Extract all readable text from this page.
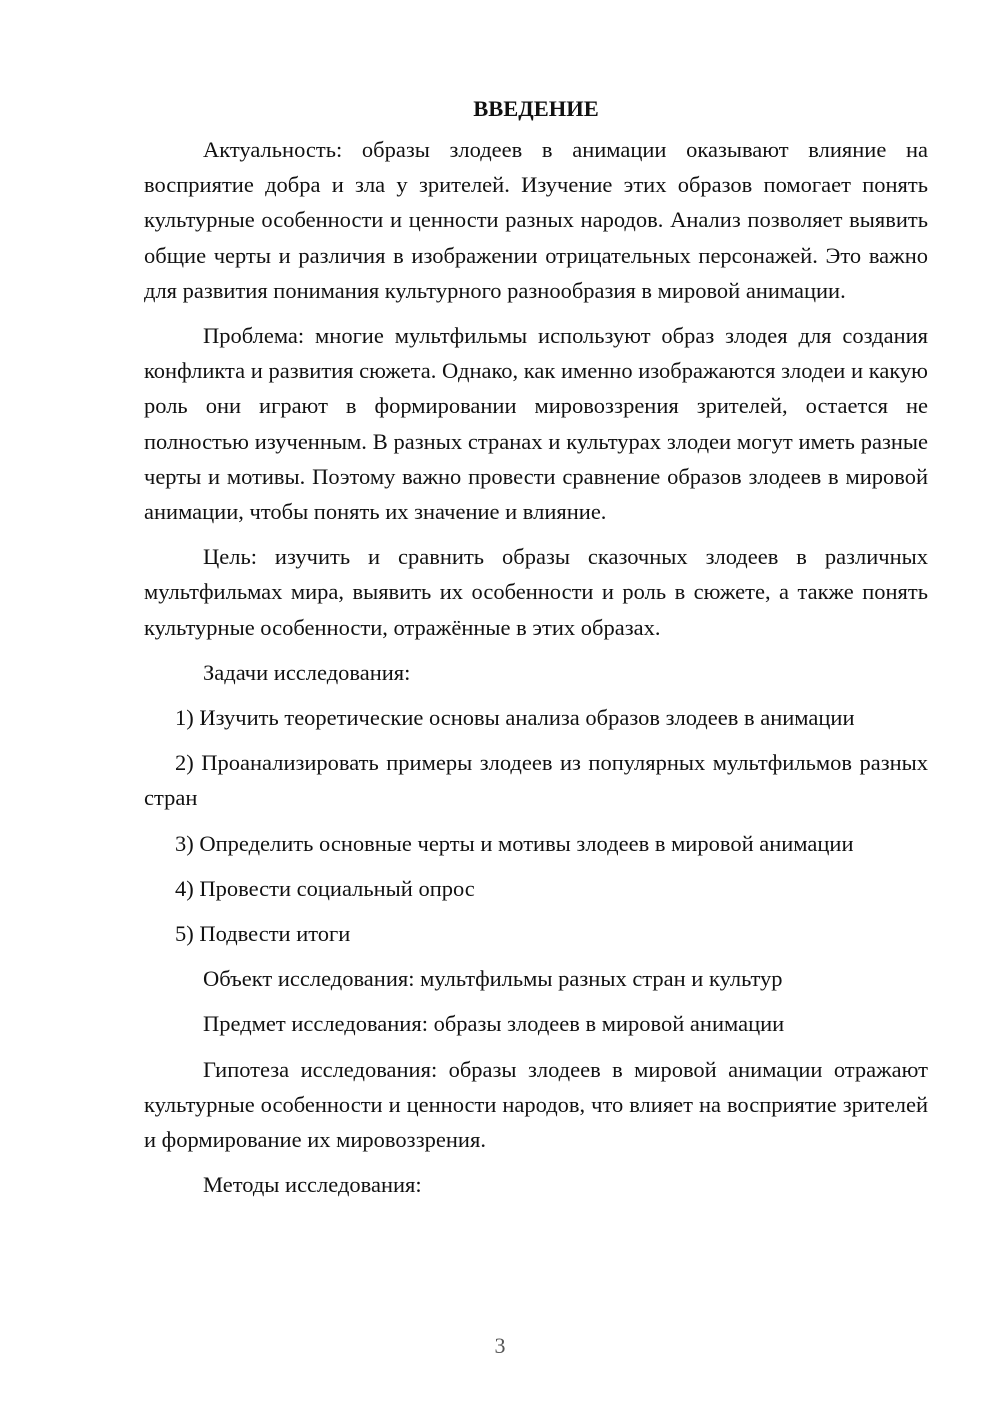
ВВЕДЕНИЕ

Актуальность: образы злодеев в анимации оказывают влияние на восприятие добра и зла у зрителей. Изучение этих образов помогает понять культурные особенности и ценности разных народов. Анализ позволяет выявить общие черты и различия в изображении отрицательных персонажей. Это важно для развития понимания культурного разнообразия в мировой анимации.

Проблема: многие мультфильмы используют образ злодея для создания конфликта и развития сюжета. Однако, как именно изображаются злодеи и какую роль они играют в формировании мировоззрения зрителей, остается не полностью изученным. В разных странах и культурах злодеи могут иметь разные черты и мотивы. Поэтому важно провести сравнение образов злодеев в мировой анимации, чтобы понять их значение и влияние.

Цель: изучить и сравнить образы сказочных злодеев в различных мультфильмах мира, выявить их особенности и роль в сюжете, а также понять культурные особенности, отражённые в этих образах.

Задачи исследования:

1) Изучить теоретические основы анализа образов злодеев в анимации

2) Проанализировать примеры злодеев из популярных мультфильмов разных стран

3) Определить основные черты и мотивы злодеев в мировой анимации

4) Провести социальный опрос

5) Подвести итоги

Объект исследования: мультфильмы разных стран и культур

Предмет исследования: образы злодеев в мировой анимации

Гипотеза исследования: образы злодеев в мировой анимации отражают культурные особенности и ценности народов, что влияет на восприятие зрителей и формирование их мировоззрения.

Методы исследования:

3
